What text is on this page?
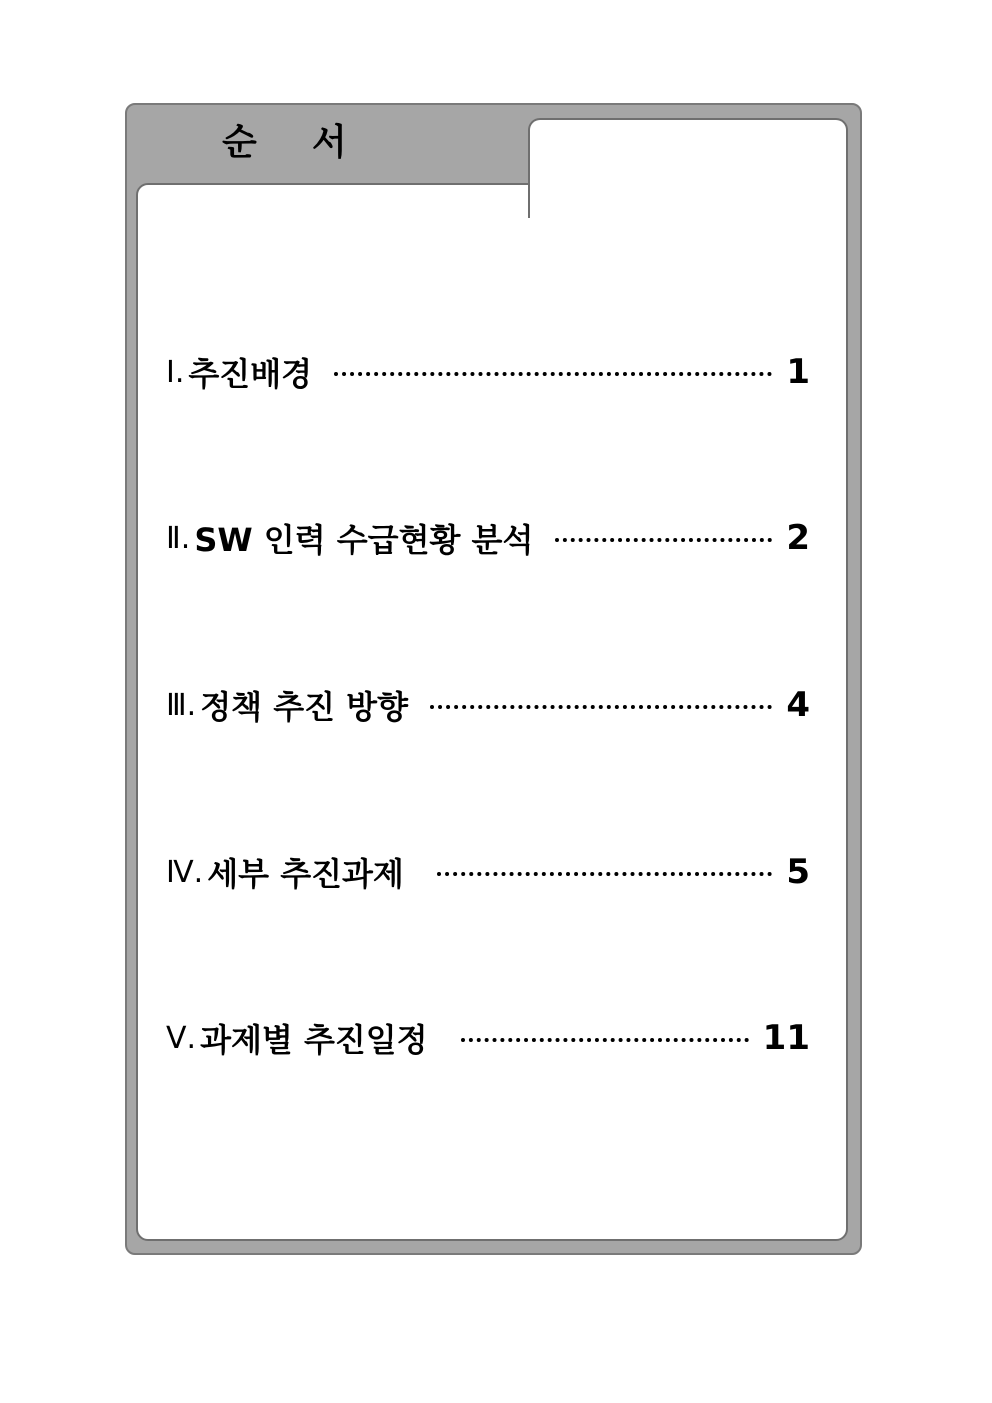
순    서
Ⅰ. 추진배경	1
Ⅱ. SW 인력 수급현황 분석	2
Ⅲ. 정책 추진 방향	4
Ⅳ. 세부 추진과제	5
Ⅴ. 과제별 추진일정	11
